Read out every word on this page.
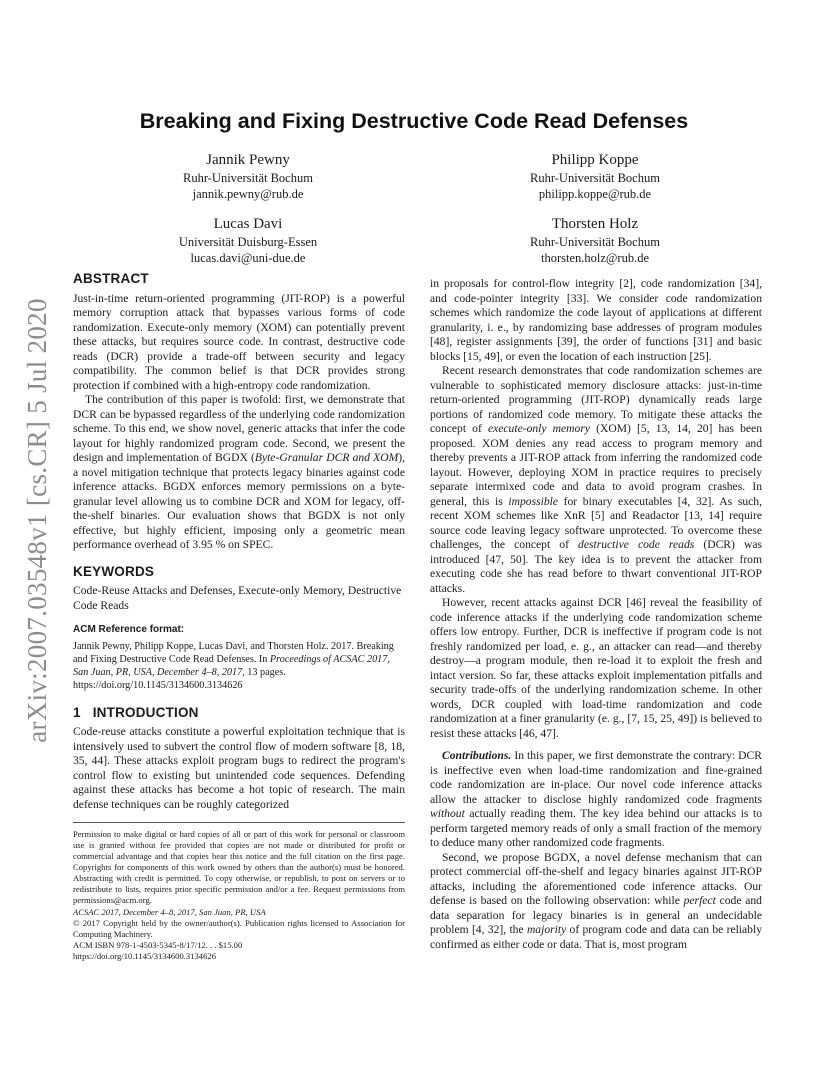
arXiv:2007.03548v1 [cs.CR] 5 Jul 2020
Breaking and Fixing Destructive Code Read Defenses
Jannik Pewny
Ruhr-Universität Bochum
jannik.pewny@rub.de
Philipp Koppe
Ruhr-Universität Bochum
philipp.koppe@rub.de
Lucas Davi
Universität Duisburg-Essen
lucas.davi@uni-due.de
Thorsten Holz
Ruhr-Universität Bochum
thorsten.holz@rub.de
ABSTRACT

Just-in-time return-oriented programming (JIT-ROP) is a powerful memory corruption attack that bypasses various forms of code randomization. Execute-only memory (XOM) can potentially prevent these attacks, but requires source code. In contrast, destructive code reads (DCR) provide a trade-off between security and legacy compatibility. The common belief is that DCR provides strong protection if combined with a high-entropy code randomization.

The contribution of this paper is twofold: first, we demonstrate that DCR can be bypassed regardless of the underlying code randomization scheme. To this end, we show novel, generic attacks that infer the code layout for highly randomized program code. Second, we present the design and implementation of BGDX (Byte-Granular DCR and XOM), a novel mitigation technique that protects legacy binaries against code inference attacks. BGDX enforces memory permissions on a byte-granular level allowing us to combine DCR and XOM for legacy, off-the-shelf binaries. Our evaluation shows that BGDX is not only effective, but highly efficient, imposing only a geometric mean performance overhead of 3.95 % on SPEC.

KEYWORDS

Code-Reuse Attacks and Defenses, Execute-only Memory, Destructive Code Reads

ACM Reference format:
Jannik Pewny, Philipp Koppe, Lucas Davi, and Thorsten Holz. 2017. Breaking and Fixing Destructive Code Read Defenses. In Proceedings of ACSAC 2017, San Juan, PR, USA, December 4–8, 2017, 13 pages.
https://doi.org/10.1145/3134600.3134626
1 INTRODUCTION

Code-reuse attacks constitute a powerful exploitation technique that is intensively used to subvert the control flow of modern software [8, 18, 35, 44]. These attacks exploit program bugs to redirect the program's control flow to existing but unintended code sequences. Defending against these attacks has become a hot topic of research. The main defense techniques can be roughly categorized

Permission to make digital or hard copies of all or part of this work for personal or classroom use is granted without fee provided that copies are not made or distributed for profit or commercial advantage and that copies bear this notice and the full citation on the first page. Copyrights for components of this work owned by others than the author(s) must be honored. Abstracting with credit is permitted. To copy otherwise, or republish, to post on servers or to redistribute to lists, requires prior specific permission and/or a fee. Request permissions from permissions@acm.org.
ACSAC 2017, December 4–8, 2017, San Juan, PR, USA
© 2017 Copyright held by the owner/author(s). Publication rights licensed to Association for Computing Machinery.
ACM ISBN 978-1-4503-5345-8/17/12. . . $15.00
https://doi.org/10.1145/3134600.3134626

in proposals for control-flow integrity [2], code randomization [34], and code-pointer integrity [33]. We consider code randomization schemes which randomize the code layout of applications at different granularity, i. e., by randomizing base addresses of program modules [48], register assignments [39], the order of functions [31] and basic blocks [15, 49], or even the location of each instruction [25].

Recent research demonstrates that code randomization schemes are vulnerable to sophisticated memory disclosure attacks: just-in-time return-oriented programming (JIT-ROP) dynamically reads large portions of randomized code memory. To mitigate these attacks the concept of execute-only memory (XOM) [5, 13, 14, 20] has been proposed. XOM denies any read access to program memory and thereby prevents a JIT-ROP attack from inferring the randomized code layout. However, deploying XOM in practice requires to precisely separate intermixed code and data to avoid program crashes. In general, this is impossible for binary executables [4, 32]. As such, recent XOM schemes like XnR [5] and Readactor [13, 14] require source code leaving legacy software unprotected. To overcome these challenges, the concept of destructive code reads (DCR) was introduced [47, 50]. The key idea is to prevent the attacker from executing code she has read before to thwart conventional JIT-ROP attacks.

However, recent attacks against DCR [46] reveal the feasibility of code inference attacks if the underlying code randomization scheme offers low entropy. Further, DCR is ineffective if program code is not freshly randomized per load, e. g., an attacker can read—and thereby destroy—a program module, then re-load it to exploit the fresh and intact version. So far, these attacks exploit implementation pitfalls and security trade-offs of the underlying randomization scheme. In other words, DCR coupled with load-time randomization and code randomization at a finer granularity (e. g., [7, 15, 25, 49]) is believed to resist these attacks [46, 47].

Contributions. In this paper, we first demonstrate the contrary: DCR is ineffective even when load-time randomization and fine-grained code randomization are in-place. Our novel code inference attacks allow the attacker to disclose highly randomized code fragments without actually reading them. The key idea behind our attacks is to perform targeted memory reads of only a small fraction of the memory to deduce many other randomized code fragments.

Second, we propose BGDX, a novel defense mechanism that can protect commercial off-the-shelf and legacy binaries against JIT-ROP attacks, including the aforementioned code inference attacks. Our defense is based on the following observation: while perfect code and data separation for legacy binaries is in general an undecidable problem [4, 32], the majority of program code and data can be reliably confirmed as either code or data. That is, most program
